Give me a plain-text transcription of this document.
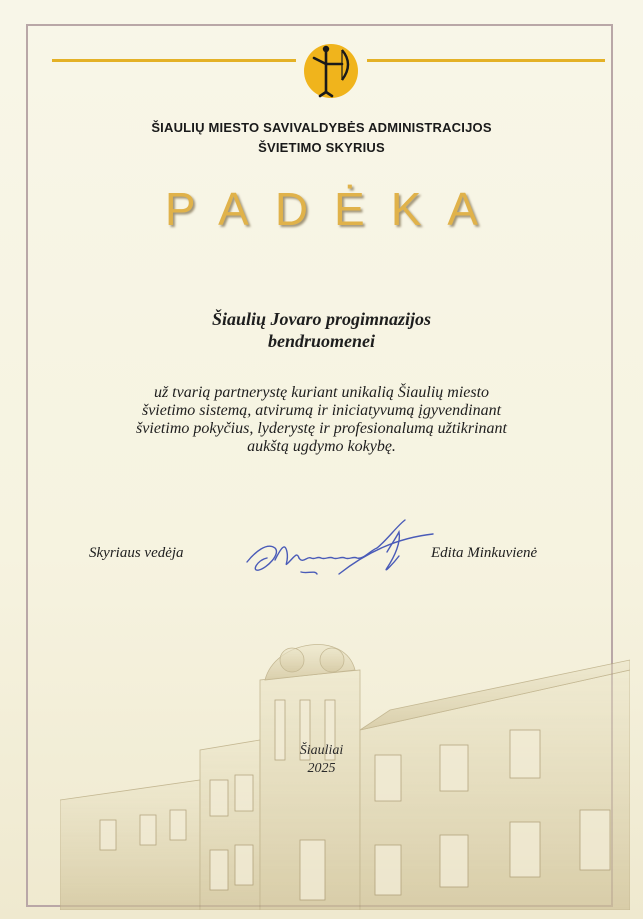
ŠIAULIŲ MIESTO SAVIVALDYBĖS ADMINISTRACIJOS
ŠVIETIMO SKYRIUS
PADĖKA
Šiaulių Jovaro progimnazijos
bendruomenei
už tvarią partnerystę kuriant unikalią Šiaulių miesto
švietimo sistemą, atvirumą ir iniciatyvumą įgyvendinant
švietimo pokyčius, lyderystę ir profesionalumą užtikrinant
aukštą ugdymo kokybę.
Skyriaus vedėja	Edita Minkuvienė
Šiauliai
2025
